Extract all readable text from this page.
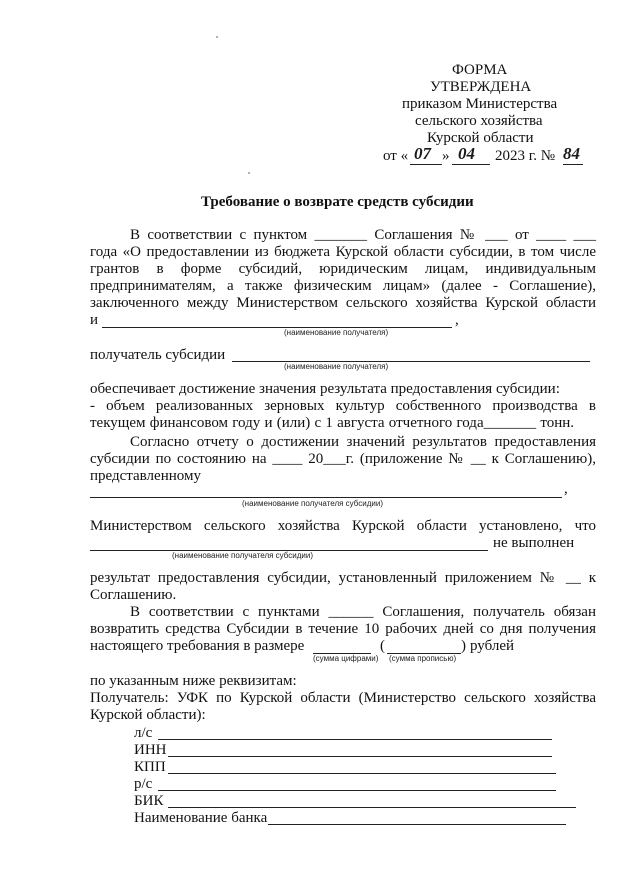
ФОРМА
УТВЕРЖДЕНА
приказом Министерства
сельского хозяйства
Курской области
от « 07 » 04 2023 г. № 84
Требование о возврате средств субсидии
В соответствии с пунктом _______ Соглашения № ___ от ____ ___
года «О предоставлении из бюджета Курской области субсидии, в том числе
грантов в форме субсидий, юридическим лицам, индивидуальным
предпринимателям, а также физическим лицам» (далее - Соглашение),
заключенного между Министерством сельского хозяйства Курской области
и	,
(наименование получателя)
получатель субсидии
(наименование получателя)
обеспечивает достижение значения результата предоставления субсидии:
- объем реализованных зерновых культур собственного производства в
текущем финансовом году и (или) с 1 августа отчетного года_______ тонн.
Согласно отчету о достижении значений результатов предоставления
субсидии по состоянию на ____ 20___г. (приложение № __ к Соглашению),
представленному
,
(наименование получателя субсидии)
Министерством сельского хозяйства Курской области установлено, что
не выполнен
(наименование получателя субсидии)
результат предоставления субсидии, установленный приложением № __ к
Соглашению.
В соответствии с пунктами ______ Соглашения, получатель обязан
возвратить средства Субсидии в течение 10 рабочих дней со дня получения
настоящего требования в размере	(	) рублей
(сумма цифрами) (сумма прописью)
по указанным ниже реквизитам:
Получатель: УФК по Курской области (Министерство сельского хозяйства
Курской области):
л/с
ИНН
КПП
р/с
БИК
Наименование банка
